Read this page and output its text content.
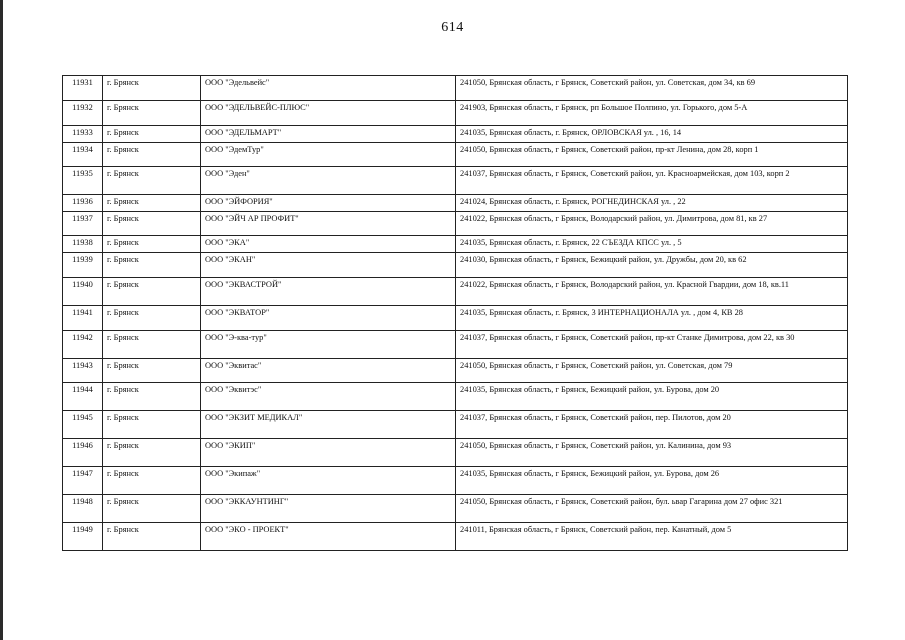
614
11931	г. Брянск	ООО "Эдельвейс"	241050, Брянская область, г Брянск, Советский район, ул. Советская, дом 34, кв 69
11932	г. Брянск	ООО "ЭДЕЛЬВЕЙС-ПЛЮС"	241903, Брянская область, г Брянск, рп Большое Полпино, ул. Горького, дом 5-А
11933	г. Брянск	ООО "ЭДЕЛЬМАРТ"	241035, Брянская область, г. Брянск, ОРЛОВСКАЯ ул. , 16, 14
11934	г. Брянск	ООО "ЭдемТур"	241050, Брянская область, г Брянск, Советский район, пр-кт Ленина, дом 28, корп 1
11935	г. Брянск	ООО "Эден"	241037, Брянская область, г Брянск, Советский район, ул. Красноармейская, дом 103, корп 2
11936	г. Брянск	ООО "ЭЙФОРИЯ"	241024, Брянская область, г. Брянск, РОГНЕДИНСКАЯ ул. , 22
11937	г. Брянск	ООО "ЭЙЧ АР ПРОФИТ"	241022, Брянская область, г Брянск, Володарский район, ул. Димитрова, дом 81, кв 27
11938	г. Брянск	ООО "ЭКА"	241035, Брянская область, г. Брянск, 22 СЪЕЗДА КПСС ул. , 5
11939	г. Брянск	ООО "ЭКАН"	241030, Брянская область, г Брянск, Бежицкий район, ул. Дружбы, дом 20, кв 62
11940	г. Брянск	ООО "ЭКВАСТРОЙ"	241022, Брянская область, г Брянск, Володарский район, ул. Красной Гвардии, дом 18, кв.11
11941	г. Брянск	ООО "ЭКВАТОР"	241035, Брянская область, г. Брянск, 3 ИНТЕРНАЦИОНАЛА ул. , дом 4, КВ 28
11942	г. Брянск	ООО "Э-ква-тур"	241037, Брянская область, г Брянск, Советский район, пр-кт Станке Димитрова, дом 22, кв 30
11943	г. Брянск	ООО "Эквитас"	241050, Брянская область, г Брянск, Советский район, ул. Советская, дом 79
11944	г. Брянск	ООО "Эквитэс"	241035, Брянская область, г Брянск, Бежицкий район, ул. Бурова, дом 20
11945	г. Брянск	ООО "ЭКЗИТ МЕДИКАЛ"	241037, Брянская область, г Брянск, Советский район, пер. Пилотов, дом 20
11946	г. Брянск	ООО "ЭКИП"	241050, Брянская область, г Брянск, Советский район, ул. Калинина, дом 93
11947	г. Брянск	ООО "Экипаж"	241035, Брянская область, г Брянск, Бежицкий район, ул. Бурова, дом 26
11948	г. Брянск	ООО "ЭККАУНТИНГ"	241050, Брянская область, г Брянск, Советский район, бул. ьвар Гагарина дом 27 офис 321
11949	г. Брянск	ООО "ЭКО - ПРОЕКТ"	241011, Брянская область, г Брянск, Советский район, пер. Канатный, дом 5
